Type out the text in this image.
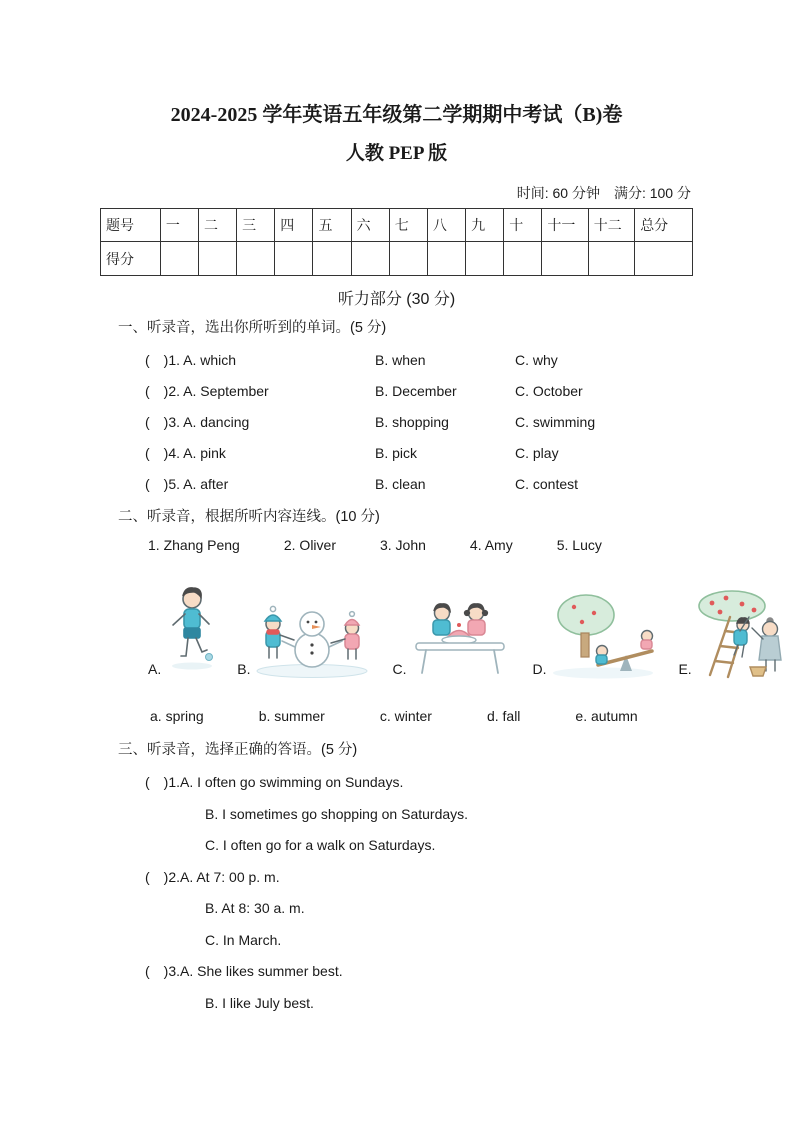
2024-2025 学年英语五年级第二学期期中考试（B)卷
人教 PEP 版
时间: 60 分钟　满分: 100 分
题号	一	二	三	四	五	六	七	八	九	十	十一	十二	总分
得分													
听力部分 (30 分)
一、听录音，选出你所听到的单词。(5 分)
(　)1. A. which	B. when	C. why
(　)2. A. September	B. December	C. October
(　)3. A. dancing	B. shopping	C. swimming
(　)4. A. pink	B. pick	C. play
(　)5. A. after	B. clean	C. contest
二、听录音，根据所听内容连线。(10 分)
1. Zhang Peng	2. Oliver	3. John	4. Amy	5. Lucy
A.	B.	C.	D.	E.
a. spring	b. summer	c. winter	d. fall	e. autumn
三、听录音，选择正确的答语。(5 分)
(　)1.A. I often go swimming on Sundays.
B. I sometimes go shopping on Saturdays.
C. I often go for a walk on Saturdays.
(　)2.A. At 7: 00 p. m.
B. At 8: 30 a. m.
C. In March.
(　)3.A. She likes summer best.
B. I like July best.
